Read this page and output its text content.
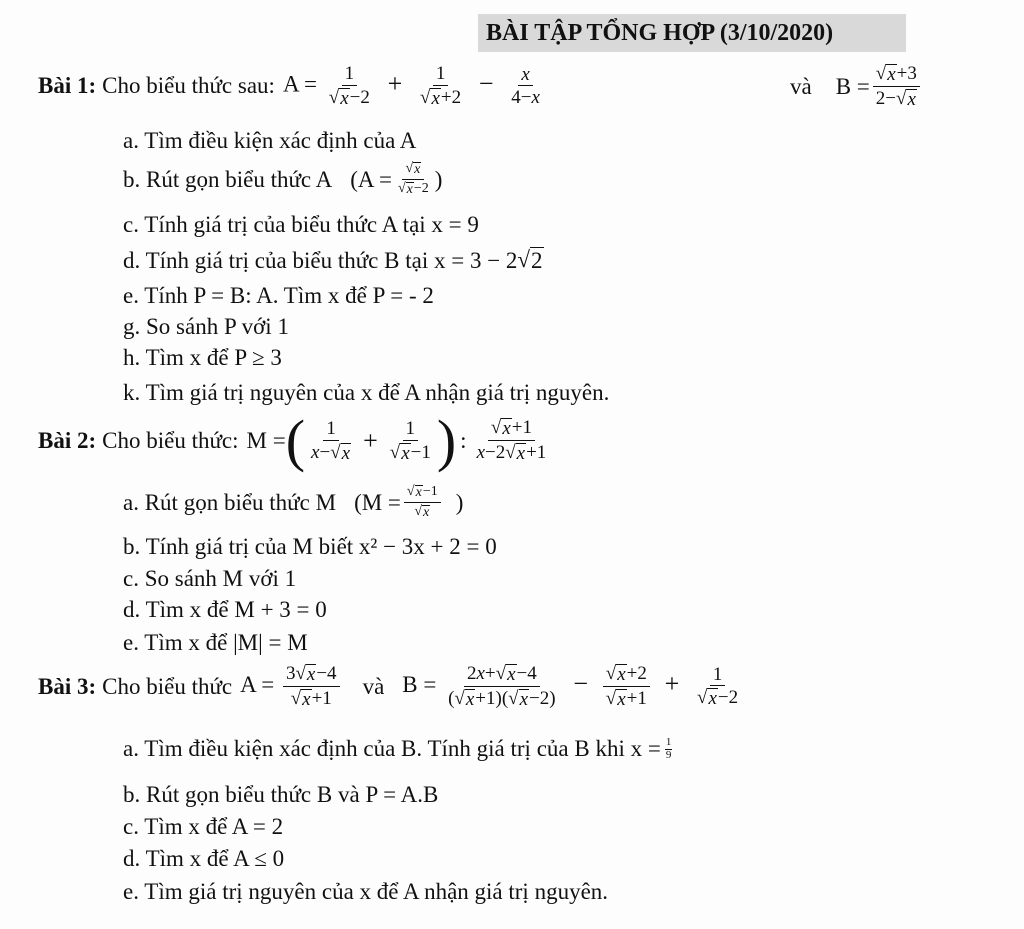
BÀI TẬP TỔNG HỢP (3/10/2020)
Bài 1: Cho biểu thức sau: $A = \frac{1}{√ x -2} + \frac{1}{√ x +2} - \frac{x}{4-x}$	và $B = \frac{√ x +3}{2- √ x}$
a. Tìm điều kiện xác định của A
b. Rút gọn biểu thức A ($A = \frac{√ x}{√ x -2}$ )
c. Tính giá trị của biểu thức A tại x = 9
d. Tính giá trị của biểu thức B tại x = 3 − 2 √ 2
e. Tính P = B: A. Tìm x để P = - 2
g. So sánh P với 1
h. Tìm x để P ≥ 3
k. Tìm giá trị nguyên của x để A nhận giá trị nguyên.
Bài 2: Cho biểu thức: M = ( $\frac{1}{x- √ x} + \frac{1}{√ x -1}$ ) : $\frac{√ x +1}{x-2 √ x +1}$
a. Rút gọn biểu thức M ($M = \frac{√ x -1}{√ x}$ )
b. Tính giá trị của M biết x² − 3x + 2 = 0
c. So sánh M với 1
d. Tìm x để M + 3 = 0
e. Tìm x để |M| = M
Bài 3: Cho biểu thức $A = \frac{3 √ x -4}{√ x +1}$ và $B = \frac{2x+ √ x -4}{( √ x +1)( √ x -2)} - \frac{√ x +2}{√ x +1} + \frac{1}{√ x -2}$
a. Tìm điều kiện xác định của B. Tính giá trị của B khi $x = \frac{1}{9}$
b. Rút gọn biểu thức B và P = A.B
c. Tìm x để A = 2
d. Tìm x để A ≤ 0
e. Tìm giá trị nguyên của x để A nhận giá trị nguyên.
